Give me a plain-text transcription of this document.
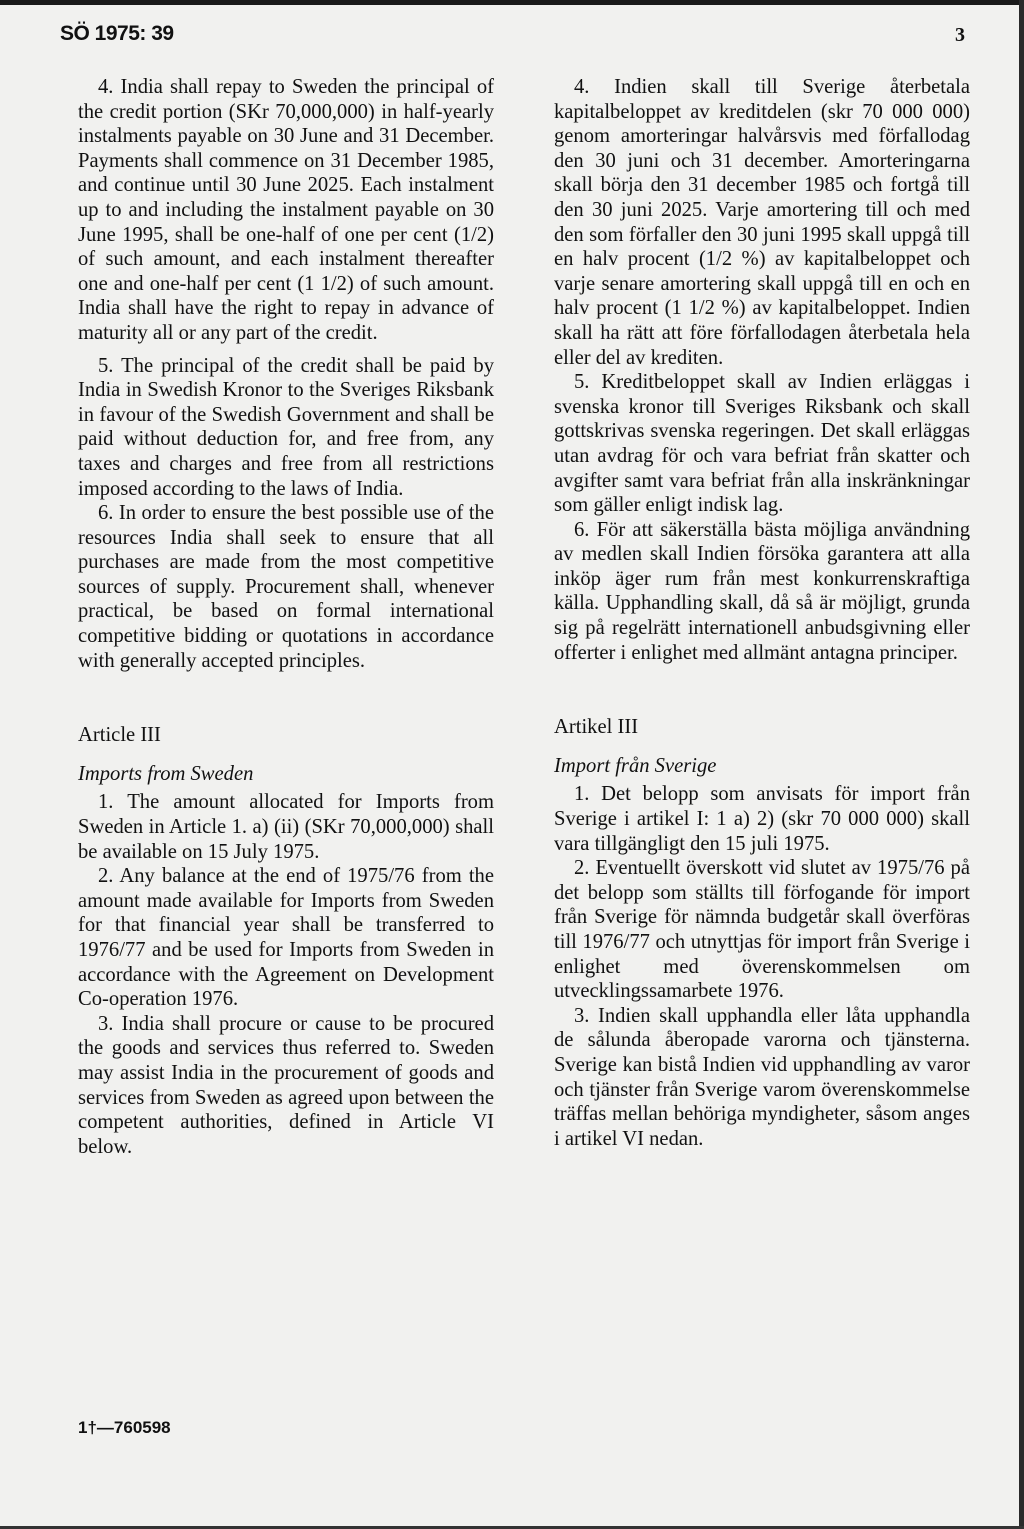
SÖ 1975: 39	3

4. India shall repay to Sweden the principal of the credit portion (SKr 70,000,000) in half-yearly instalments payable on 30 June and 31 December. Payments shall commence on 31 December 1985, and continue until 30 June 2025. Each instalment up to and including the instalment payable on 30 June 1995, shall be one-half of one per cent (1/2) of such amount, and each instalment thereafter one and one-half per cent (1 1/2) of such amount. India shall have the right to repay in advance of maturity all or any part of the credit.

5. The principal of the credit shall be paid by India in Swedish Kronor to the Sveriges Riksbank in favour of the Swedish Government and shall be paid without deduction for, and free from, any taxes and charges and free from all restrictions imposed according to the laws of India.

6. In order to ensure the best possible use of the resources India shall seek to ensure that all purchases are made from the most competitive sources of supply. Procurement shall, whenever practical, be based on formal international competitive bidding or quotations in accordance with generally accepted principles.

Article III

Imports from Sweden

1. The amount allocated for Imports from Sweden in Article 1. a) (ii) (SKr 70,000,000) shall be available on 15 July 1975.

2. Any balance at the end of 1975/76 from the amount made available for Imports from Sweden for that financial year shall be transferred to 1976/77 and be used for Imports from Sweden in accordance with the Agreement on Development Co-operation 1976.

3. India shall procure or cause to be procured the goods and services thus referred to. Sweden may assist India in the procurement of goods and services from Sweden as agreed upon between the competent authorities, defined in Article VI below.

4. Indien skall till Sverige återbetala kapitalbeloppet av kreditdelen (skr 70 000 000) genom amorteringar halvårsvis med förfallodag den 30 juni och 31 december. Amorteringarna skall börja den 31 december 1985 och fortgå till den 30 juni 2025. Varje amortering till och med den som förfaller den 30 juni 1995 skall uppgå till en halv procent (1/2 %) av kapitalbeloppet och varje senare amortering skall uppgå till en och en halv procent (1 1/2 %) av kapitalbeloppet. Indien skall ha rätt att före förfallodagen återbetala hela eller del av krediten.

5. Kreditbeloppet skall av Indien erläggas i svenska kronor till Sveriges Riksbank och skall gottskrivas svenska regeringen. Det skall erläggas utan avdrag för och vara befriat från skatter och avgifter samt vara befriat från alla inskränkningar som gäller enligt indisk lag.

6. För att säkerställa bästa möjliga användning av medlen skall Indien försöka garantera att alla inköp äger rum från mest konkurrenskraftiga källa. Upphandling skall, då så är möjligt, grunda sig på regelrätt internationell anbudsgivning eller offerter i enlighet med allmänt antagna principer.

Artikel III

Import från Sverige

1. Det belopp som anvisats för import från Sverige i artikel I: 1 a) 2) (skr 70 000 000) skall vara tillgängligt den 15 juli 1975.

2. Eventuellt överskott vid slutet av 1975/76 på det belopp som ställts till förfogande för import från Sverige för nämnda budgetår skall överföras till 1976/77 och utnyttjas för import från Sverige i enlighet med överenskommelsen om utvecklingssamarbete 1976.

3. Indien skall upphandla eller låta upphandla de sålunda åberopade varorna och tjänsterna. Sverige kan bistå Indien vid upphandling av varor och tjänster från Sverige varom överenskommelse träffas mellan behöriga myndigheter, såsom anges i artikel VI nedan.

1†—760598
